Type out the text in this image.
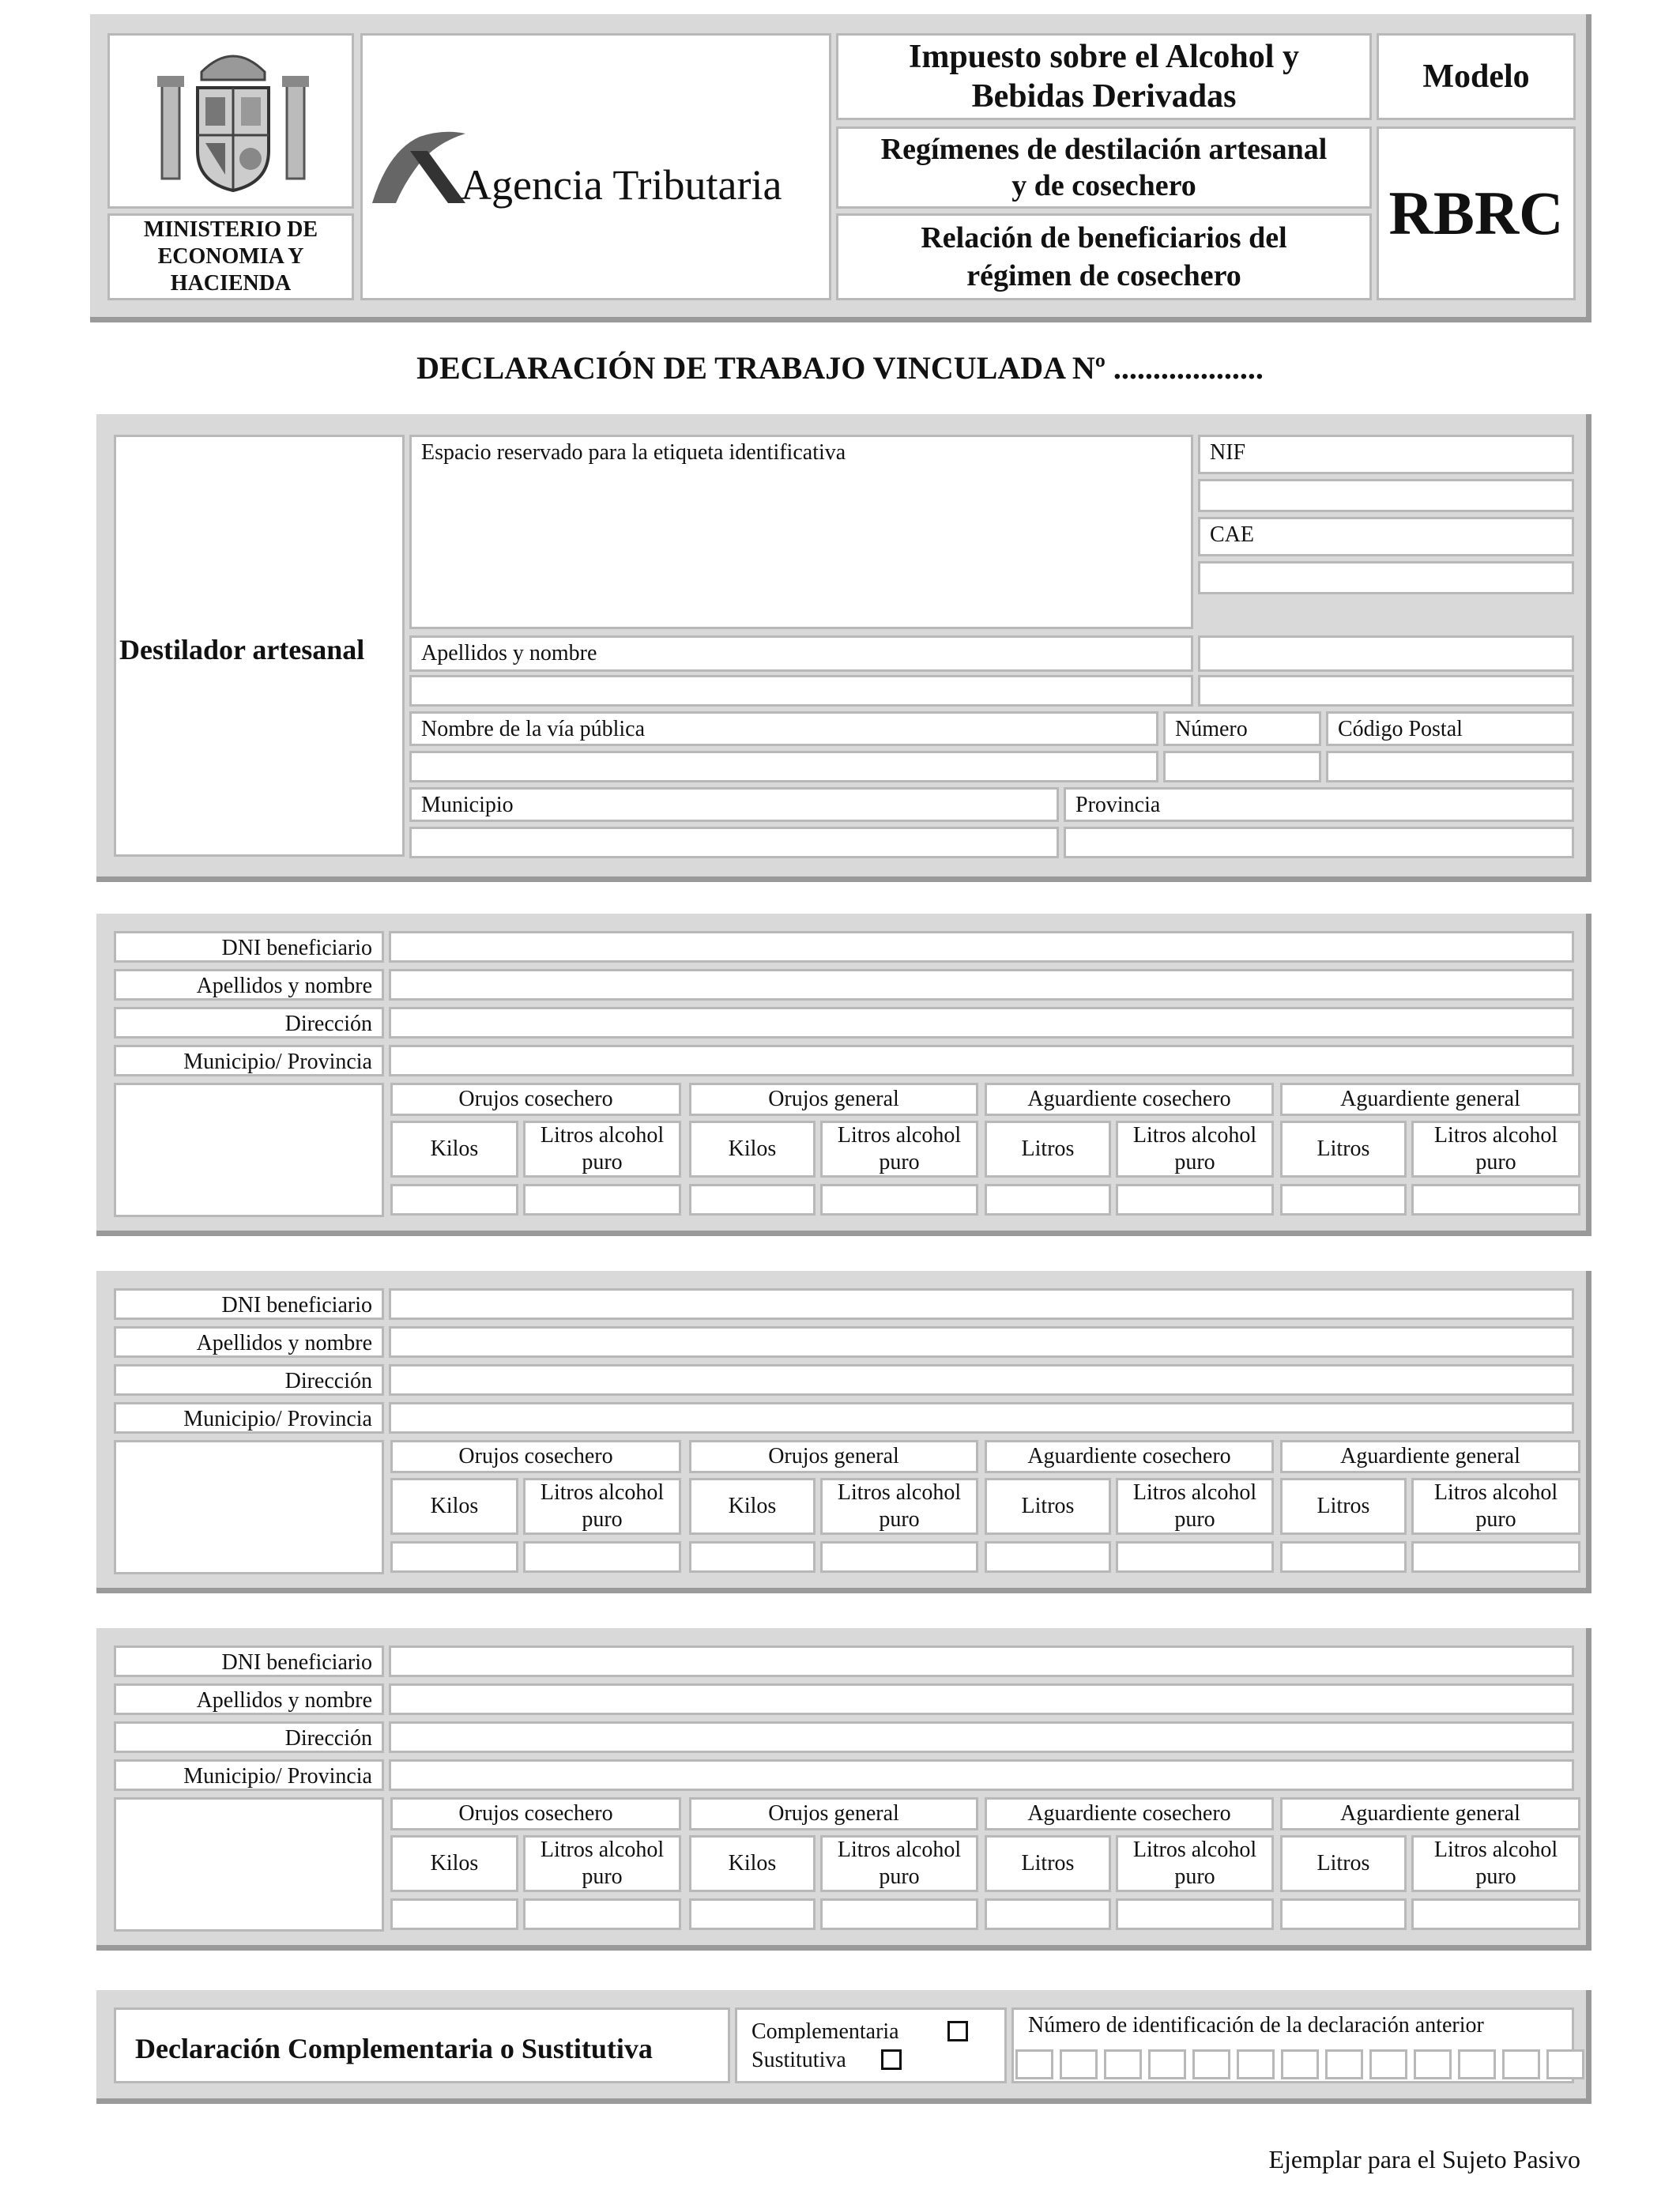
MINISTERIO DE ECONOMIA Y HACIENDA
Agencia Tributaria
Impuesto sobre el Alcohol y Bebidas Derivadas
Regímenes de destilación artesanal y de cosechero
Relación de beneficiarios del régimen de cosechero
Modelo
RBRC
DECLARACIÓN DE TRABAJO VINCULADA Nº ...................
Destilador artesanal
Espacio reservado para la etiqueta identificativa	NIF
CAE
Apellidos y nombre
Nombre de la vía pública	Número	Código Postal
Municipio	Provincia
DNI beneficiario
Apellidos y nombre
Dirección
Municipio/ Provincia
Orujos cosechero
Kilos
Litros alcohol puro
Orujos general
Kilos
Litros alcohol puro
Aguardiente cosechero
Litros
Litros alcohol puro
Aguardiente general
Litros
Litros alcohol puro
DNI beneficiario
Apellidos y nombre
Dirección
Municipio/ Provincia
Orujos cosechero
Kilos
Litros alcohol puro
Orujos general
Kilos
Litros alcohol puro
Aguardiente cosechero
Litros
Litros alcohol puro
Aguardiente general
Litros
Litros alcohol puro
DNI beneficiario
Apellidos y nombre
Dirección
Municipio/ Provincia
Orujos cosechero
Kilos
Litros alcohol puro
Orujos general
Kilos
Litros alcohol puro
Aguardiente cosechero
Litros
Litros alcohol puro
Aguardiente general
Litros
Litros alcohol puro
Declaración Complementaria o Sustitutiva
Complementaria
Sustitutiva
Número de identificación de la declaración anterior
Ejemplar para el Sujeto Pasivo
